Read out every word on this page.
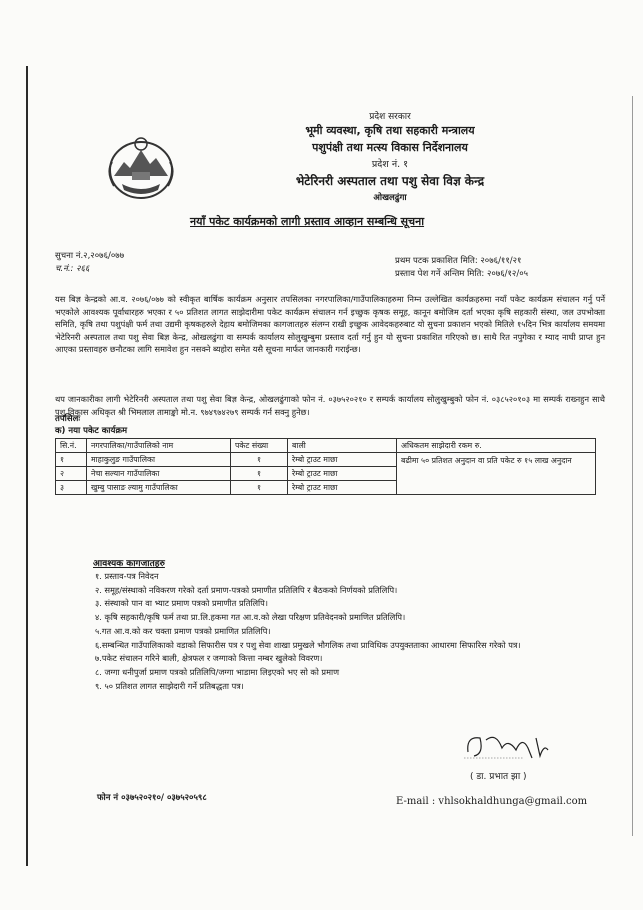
प्रदेश सरकार
भूमी व्यवस्था, कृषि तथा सहकारी मन्त्रालय
पशुपंक्षी तथा मत्स्य विकास निर्देशनालय
प्रदेश नं. १
भेटेरिनरी अस्पताल तथा पशु सेवा विज्ञ केन्द्र
ओखलढुंगा
नयाँ पकेट कार्यक्रमको लागी प्रस्ताव आव्हान सम्बन्धि सूचना
सुचना नं.२,२०७६/०७७
च.नं.: २६६
प्रथम पटक प्रकाशित मिति: २०७६/११/२१
प्रस्ताव पेश गर्ने अन्तिम मिति: २०७६/१२/०५

यस बिज्ञ केन्द्रको आ.व. २०७६/०७७ को स्वीकृत बार्षिक कार्यक्रम अनुसार तपसिलका नगरपालिका/गाउँपालिकाहरुमा निम्न उल्लेखित कार्यक्रहरुमा नयाँ पकेट कार्यक्रम संचालन गर्नु पर्ने भएकोले आवश्यक पूर्वाधारहरु भएका र ५० प्रतिशत लागत साझेदारीमा पकेट कार्यक्रम संचालन गर्न इच्छुक कृषक समूह, कानून बमोजिम दर्ता भएका कृषि सहकारी संस्था, जल उपभोक्ता समिति, कृषि तथा पशुपंक्षी फर्म तथा उद्यमी कृषकहरुले देहाय बमोजिमका कागजातहरु संलग्न राखी इच्छुक आवेदकहरुबाट यो सुचना प्रकाशन भएको मितिले १५दिन भित्र कार्यालय समयमा भेटेरिनरी अस्पताल तथा पशु सेवा बिज्ञ केन्द्र, ओखलढुंगा वा सम्पर्क कार्यालय सोलुखुम्बुमा प्रस्ताव दर्ता गर्नु हुन यो सुचना प्रकाशित गरिएको छ। साथै रित नपुगेका र म्याद नाघी प्राप्त हुन आएका प्रस्तावहरु छनौटका लागि समावेश हुन नसक्ने ब्यहोरा समेत यसै सूचना मार्फत जानकारी गराईन्छ।

थप जानकारीका लागी भेटेरिनरी अस्पताल तथा पशु सेवा बिज्ञ केन्द्र, ओखलढुंगाको फोन नं. ०३७५२०२१० र सम्पर्क कार्यालय सोलुखुम्बुको फोन नं. ०३८५२०१०३ मा सम्पर्क राख्नहुन साथै पशु विकास अधिकृत श्री भिमलाल तामाङ्को मो.न. ९७४९७४२७९ सम्पर्क गर्न सक्नु हुनेछ।

तपसिलः
क) नया पकेट कार्यक्रम
सि.नं.	नगरपालिका/गाउँपालिको नाम	पकेट संख्या	बाली	अधिकतम साझेदारी रकम रु.
१	माहाकुलुङ गाउँपालिका	१	रेम्बो ट्राउट माछा	बढीमा ५० प्रतिशत अनुदान वा प्रति पकेट रु १५ लाख अनुदान
२	नेचा सल्यान गाउँपालिका	१	रेम्बो ट्राउट माछा	
३	खुम्बु पासाङ ल्यामु गाउँपालिका	१	रेम्बो ट्राउट माछा	
आवश्यक कागजातहरु
१. प्रस्ताव-पत्र निवेदन
२. समूह/संस्थाको नविकरण गरेको दर्ता प्रमाण-पत्रको प्रमाणीत प्रतिलिपि र बैठकको निर्णयको प्रतिलिपि।
३. संस्थाको पान वा भ्याट प्रमाण पत्रको प्रमाणीत प्रतिलिपि।
४. कृषि सहकारी/कृषि फर्म तथा प्रा.लि.हकमा गत आ.व.को लेखा परिक्षण प्रतिवेदनको प्रमाणित प्रतिलिपि।
५.गत आ.व.को कर चक्ता प्रमाण पत्रको प्रमाणित प्रतिलिपि।
६.सम्बन्धित गाउँपालिकाको वडाको सिफारीस पत्र र पशु सेवा शाखा प्रमुखले भौगलिक तथा प्राविधिक उपयुक्तताका आधारमा सिफारिस गरेको पत्र।
७.पकेट संचालन गरिने बाली, क्षेत्रफल र जग्गाको कित्ता नम्बर खुलेको विवरण।
८. जग्गा धनीपुर्जा प्रमाण पत्रको प्रतिलिपि/जग्गा भाडामा लिइएको भए सो को प्रमाण
९. ५० प्रतिशत लागत साझेदारी गर्ने प्रतिबद्धता पत्र।
( डा. प्रभात झा )
फोन नं ०३७५२०२१०/ ०३७५२०५९८	E-mail : vhlsokhaldhunga@gmail.com
